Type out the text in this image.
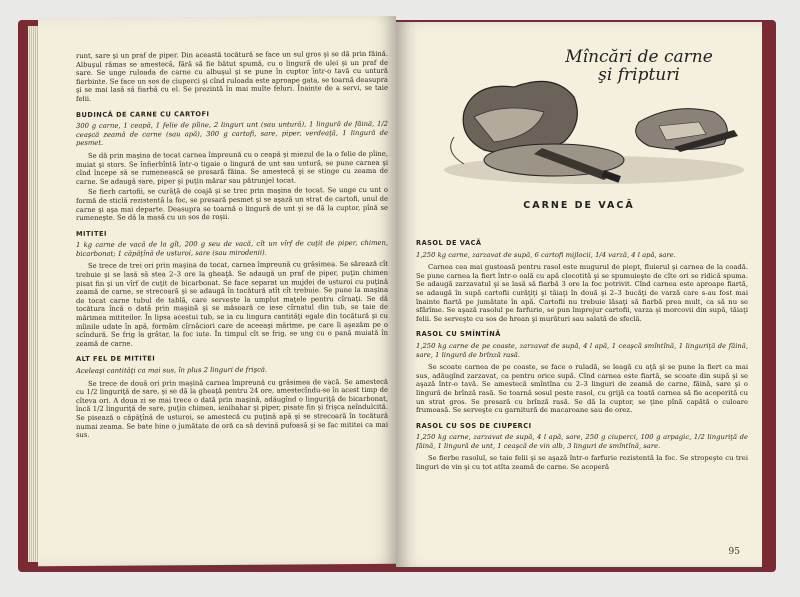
runt, sare şi un praf de piper. Din această tocătură se face un sul gros şi se dă prin făină. Albuşul rămas se amestecă, fără să fie bătut spumă, cu o lingură de ulei şi un praf de sare. Se unge ruloada de carne cu albuşul şi se pune în cuptor într-o tavă cu untură fierbinte. Se face un sos de ciuperci şi cînd ruloada este aproape gata, se toarnă deasupra şi se mai lasă să fiarbă cu el. Se prezintă în mai multe feluri. Înainte de a servi, se taie felii.

BUDINCĂ DE CARNE CU CARTOFI

300 g carne, 1 ceapă, 1 felie de pîine, 2 linguri unt (sau untură), 1 lingură de făină, 1/2 ceaşcă zeamă de carne (sau apă), 300 g cartofi, sare, piper, verdeaţă, 1 lingură de pesmet.

Se dă prin maşina de tocat carnea împreună cu o ceapă şi miezul de la o felie de pîine, muiat şi stors. Se înfierbîntă într-o tigaie o lingură de unt sau untură, se pune carnea şi cînd începe să se rumenească se presară făina. Se amestecă şi se stinge cu zeama de carne. Se adaugă sare, piper şi puţin mărar sau pătrunjel tocat.

Se fierb cartofii, se curăţă de coajă şi se trec prin maşina de tocat. Se unge cu unt o formă de sticlă rezistentă la foc, se presară pesmet şi se aşază un strat de cartofi, unul de carne şi aşa mai departe. Deasupra se toarnă o lingură de unt şi se dă la cuptor, pînă se rumeneşte. Se dă la masă cu un sos de roşii.

MITITEI

1 kg carne de vacă de la gît, 200 g seu de vacă, cît un vîrf de cuţit de piper, chimen, bicarbonat; 1 căpăţînă de usturoi, sare (sau mirodenii).

Se trece de trei ori prin maşina de tocat, carnea împreună cu grăsimea. Se sărează cît trebuie şi se lasă să stea 2–3 ore la gheaţă. Se adaugă un praf de piper, puţin chimen pisat fin şi un vîrf de cuţit de bicarbonat. Se face separat un mujdei de usturoi cu puţină zeamă de carne, se strecoară şi se adaugă în tocătură atît cît trebuie. Se pune la maşina de tocat carne tubul de tablă, care servește la umplut maţele pentru cîrnaţi. Se dă tocătura încă o dată prin maşină şi se măsoară ce iese cîrnatul din tub, se taie de mărimea mititeilor. În lipsa acestui tub, se ia cu lingura cantităţi egale din tocătură şi cu mîinile udate în apă, formăm cîrnăciori care de aceeaşi mărime, pe care îi aşezăm pe o scîndură. Se frig la grătar, la foc iute. În timpul cît se frig, se ung cu o pană muiată în zeamă de carne.

ALT FEL DE MITITEI

Aceleaşi cantităţi ca mai sus, în plus 2 linguri de frişcă.

Se trece de două ori prin maşină carnea împreună cu grăsimea de vacă. Se amestecă cu 1/2 linguriţă de sare, şi se dă la gheaţă pentru 24 ore, amestecîndu-se în acest timp de cîteva ori. A doua zi se mai trece o dată prin maşină, adăugînd o linguriţă de bicarbonat, încă 1/2 linguriţă de sare, puţin chimen, ienibahar şi piper, pisate fin şi frişca neîndulcită. Se pisează o căpăţînă de usturoi, se amestecă cu puţină apă şi se strecoară în tocătură numai zeama. Se bate bine o jumătate de oră ca să devină pufoasă şi se fac mititei ca mai sus.

Mîncări de carne şi fripturi
CARNE DE VACĂ
RASOL DE VACĂ

1,250 kg carne, zarzavat de supă, 6 cartofi mijlocii, 1/4 varză, 4 l apă, sare.

Carnea cea mai gustoasă pentru rasol este mugurul de piept, fluierul şi carnea de la coadă. Se pune carnea la fiert într-o oală cu apă clocotită şi se spumuieşte de cîte ori se ridică spuma. Se adaugă zarzavatul şi se lasă să fiarbă 3 ore la foc potrivit. Cînd carnea este aproape fiartă, se adaugă în supă cartofii curăţiţi şi tăiaţi în două şi 2–3 bucăţi de varză care s-au fost mai înainte fiartă pe jumătate în apă. Cartofii nu trebuie lăsaţi să fiarbă prea mult, ca să nu se sfărîme. Se aşază rasolul pe farfurie, se pun împrejur cartofii, varza şi morcovii din supă, tăiaţi felii. Se serveşte cu sos de hrean şi murături sau salată de sfeclă.

RASOL CU SMÎNTÎNĂ

1,250 kg carne de pe coaste, zarzavat de supă, 4 l apă, 1 ceaşcă smîntînă, 1 linguriţă de făină, sare, 1 lingură de brînză rasă.

Se scoate carnea de pe coaste, se face o ruladă, se leagă cu aţă şi se pune la fiert ca mai sus, adăugînd zarzavat, ca pentru orice supă. Cînd carnea este fiartă, se scoate din supă şi se aşază într-o tavă. Se amestecă smîntîna cu 2–3 linguri de zeamă de carne, făină, sare şi o lingură de brînză rasă. Se toarnă sosul peste rasol, cu grijă ca toată carnea să fie acoperită cu un strat gros. Se presară cu brînză rasă. Se dă la cuptor, se ţine pînă capătă o culoare frumoasă. Se serveşte cu garnitură de macaroane sau de orez.

RASOL CU SOS DE CIUPERCI

1,250 kg carne, zarzavat de supă, 4 l apă, sare, 250 g ciuperci, 100 g arpagic, 1/2 linguriţă de făină, 1 lingură de unt, 1 ceaşcă de vin alb, 3 linguri de smîntînă, sare.

Se fierbe rasolul, se taie felii şi se aşază într-o farfurie rezistentă la foc. Se stropeşte cu trei linguri de vin şi cu tot atîta zeamă de carne. Se acoperă

95
